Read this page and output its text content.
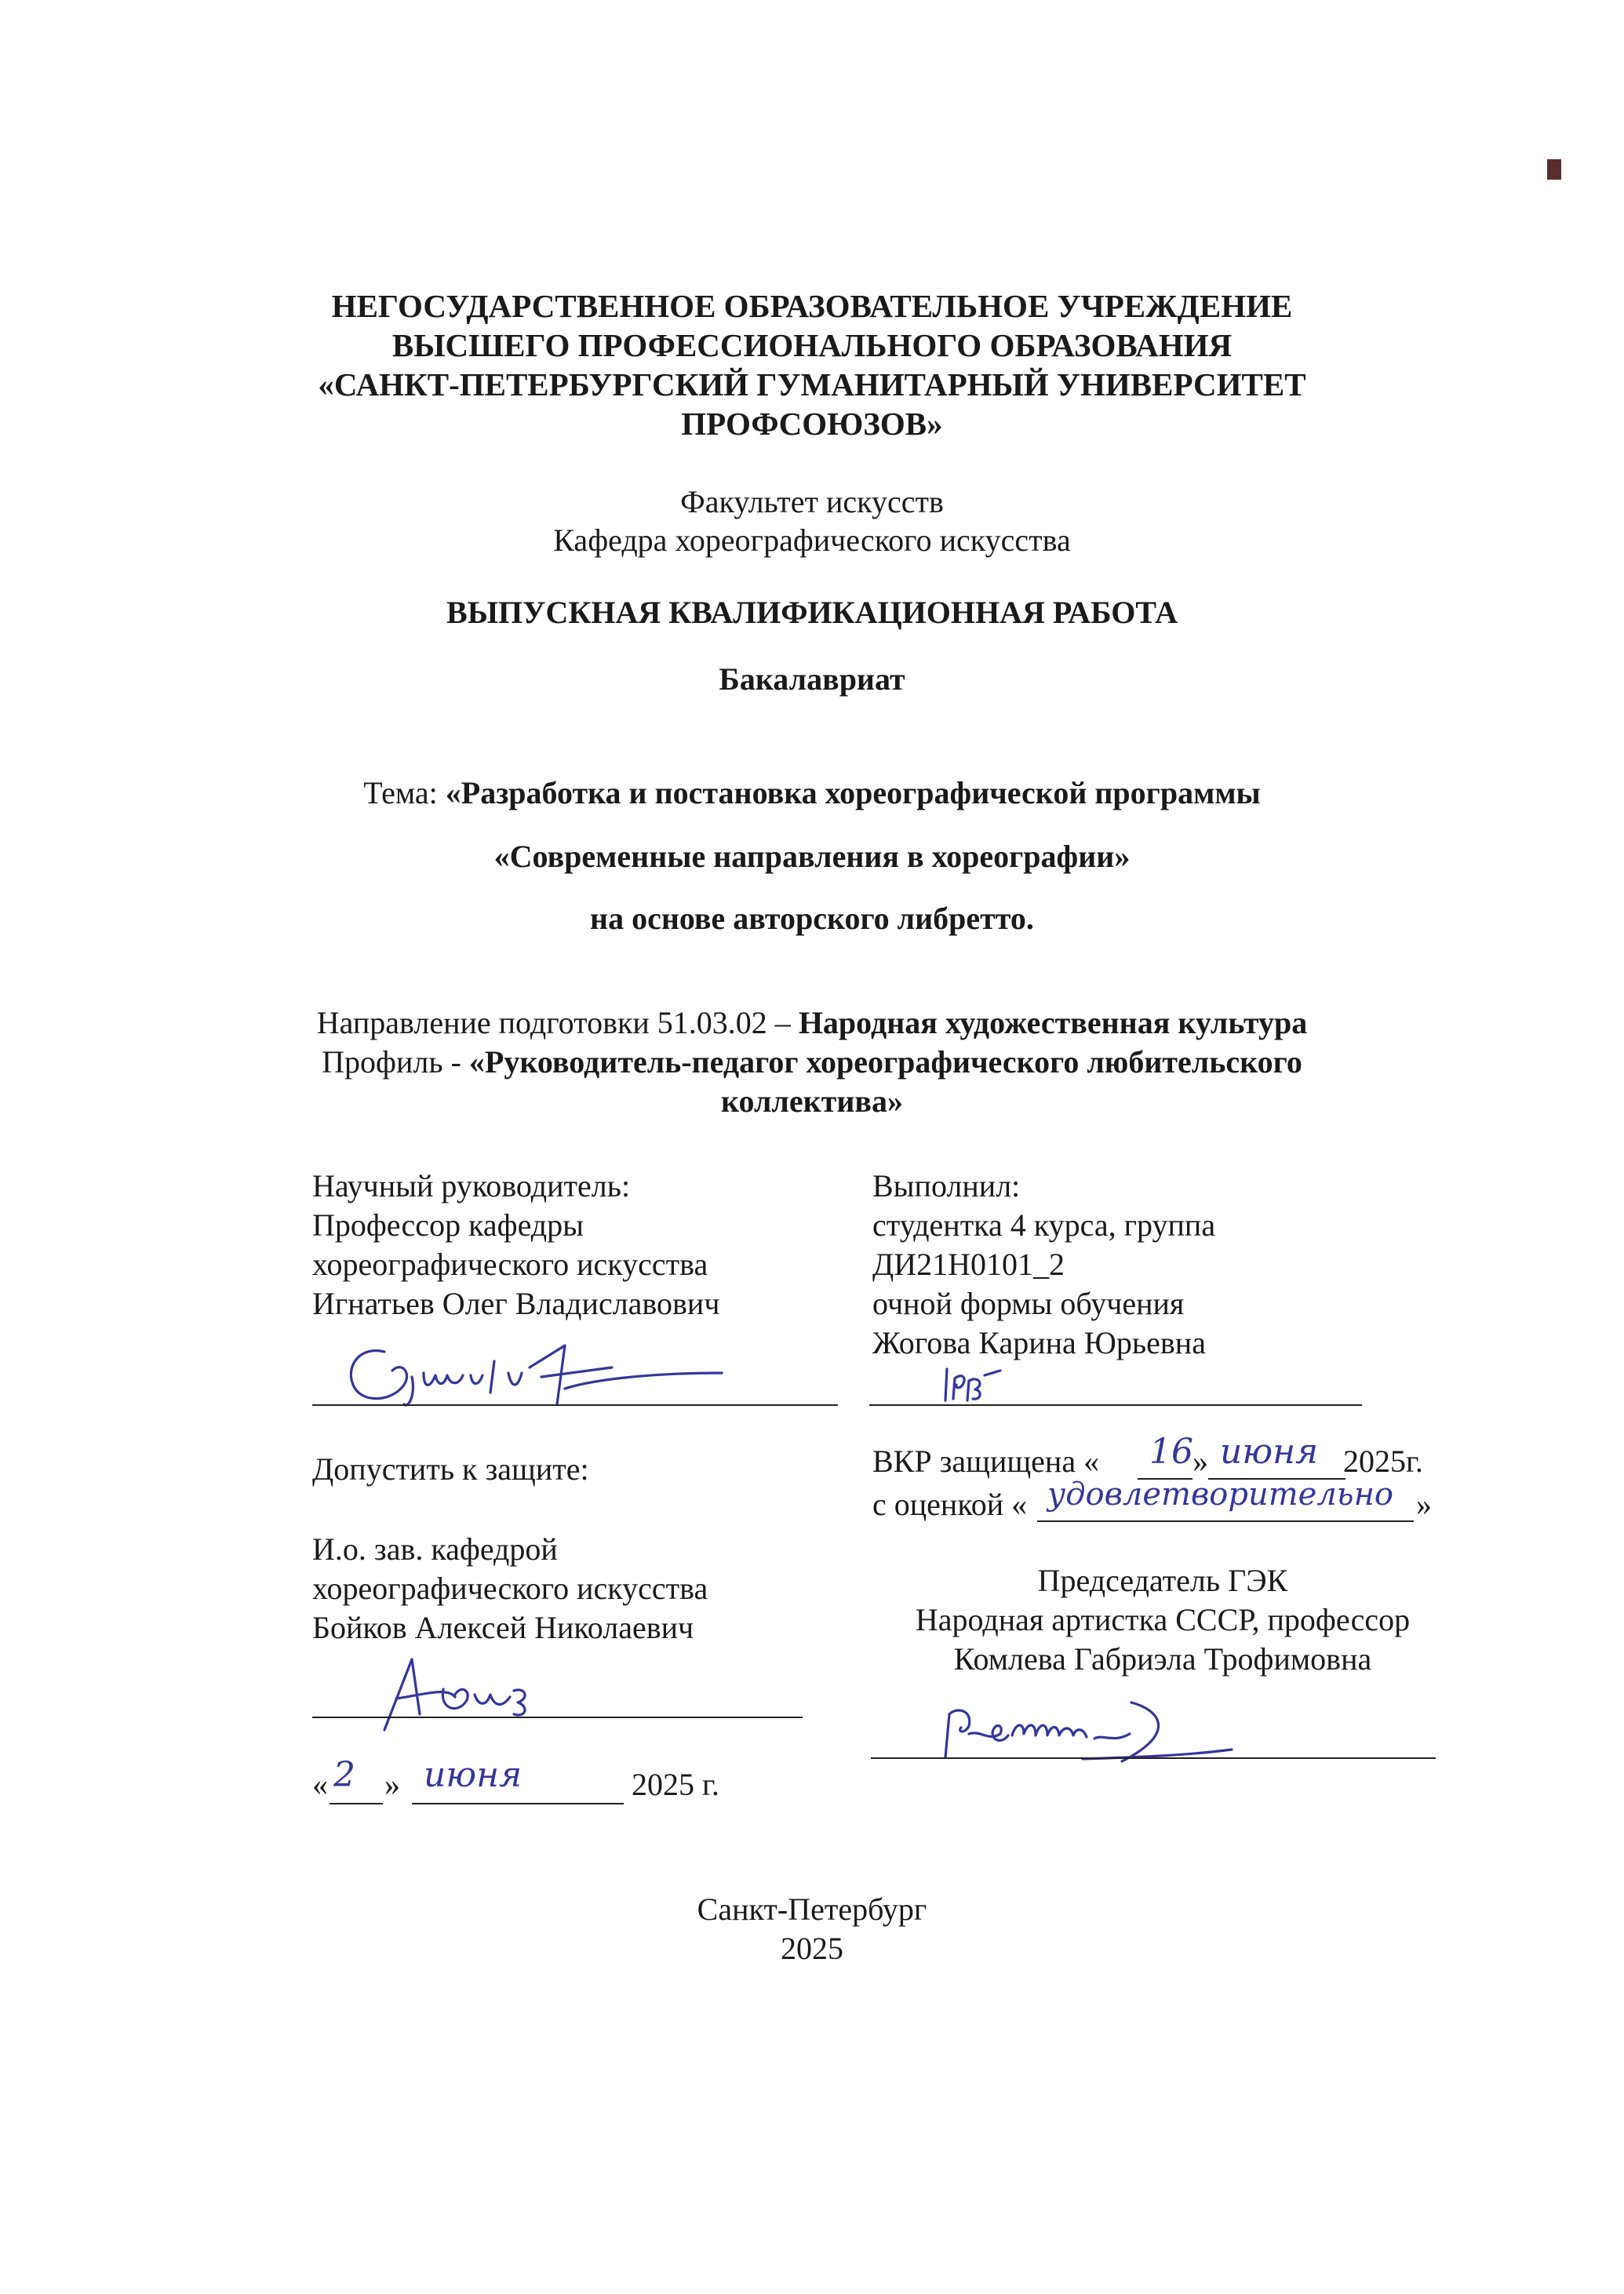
НЕГОСУДАРСТВЕННОЕ ОБРАЗОВАТЕЛЬНОЕ УЧРЕЖДЕНИЕ
ВЫСШЕГО ПРОФЕССИОНАЛЬНОГО ОБРАЗОВАНИЯ
«САНКТ-ПЕТЕРБУРГСКИЙ ГУМАНИТАРНЫЙ УНИВЕРСИТЕТ
ПРОФСОЮЗОВ»
Факультет искусств
Кафедра хореографического искусства
ВЫПУСКНАЯ КВАЛИФИКАЦИОННАЯ РАБОТА
Бакалавриат
Тема: «Разработка и постановка хореографической программы
«Современные направления в хореографии»
на основе авторского либретто.
Направление подготовки 51.03.02 – Народная художественная культура
Профиль - «Руководитель-педагог хореографического любительского
коллектива»
Научный руководитель:
Профессор кафедры
хореографического искусства
Игнатьев Олег Владиславович
Выполнил:
студентка 4 курса, группа
ДИ21Н0101_2
очной формы обучения
Жогова Карина Юрьевна
Допустить к защите:
И.о. зав. кафедрой
хореографического искусства
Бойков Алексей Николаевич
« 2 » июня	2025 г.
ВКР защищена « 16 » июня 2025г.
с оценкой « удовлетворительно »
Председатель ГЭК
Народная артистка СССР, профессор
Комлева Габриэла Трофимовна
Санкт-Петербург
2025
